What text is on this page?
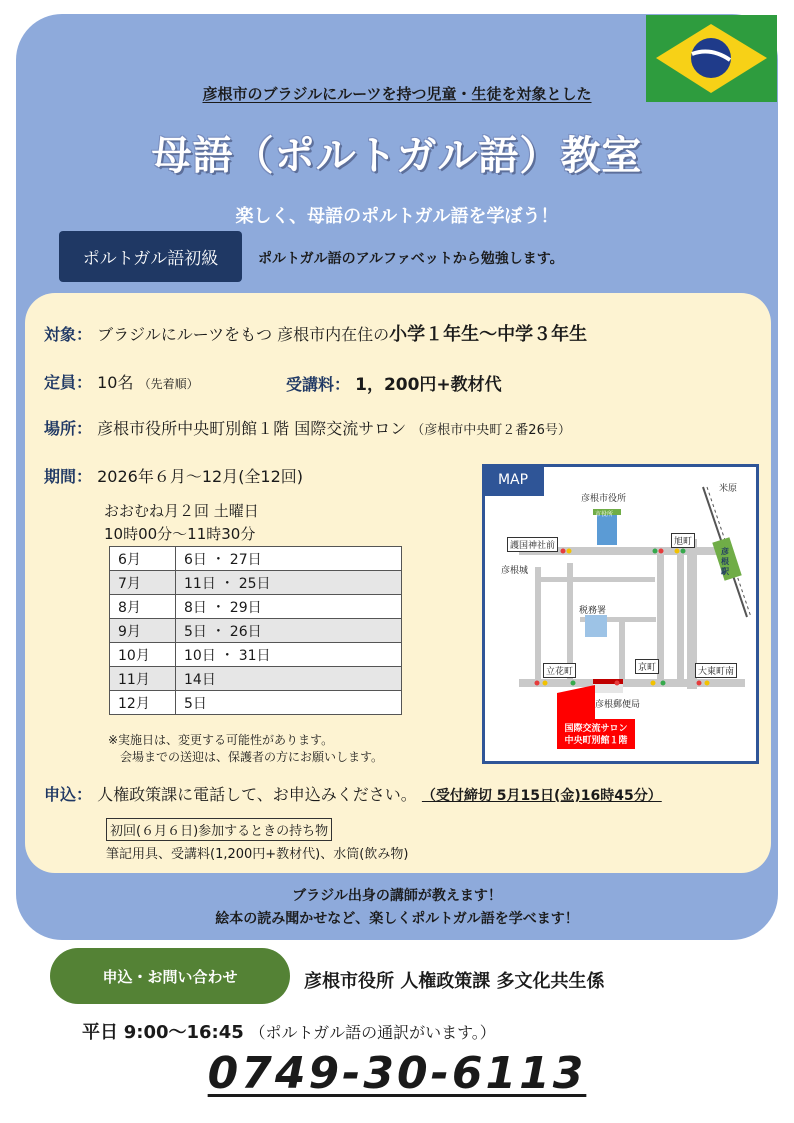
彦根市のブラジルにルーツを持つ児童・生徒を対象とした
母語（ポルトガル語）教室
楽しく、母語のポルトガル語を学ぼう！
ポルトガル語初級	ポルトガル語のアルファベットから勉強します。
対象： ブラジルにルーツをもつ 彦根市内在住の小学１年生～中学３年生
定員： 10名 （先着順）	受講料： 1，200円+教材代
場所： 彦根市役所中央町別館１階 国際交流サロン （彦根市中央町２番26号）
期間： 2026年６月～12月(全12回)
おおむね月２回 土曜日
10時00分～11時30分
6月	6日 ・ 27日
7月	11日 ・ 25日
8月	8日 ・ 29日
9月	5日 ・ 26日
10月	10日 ・ 31日
11月	14日
12月	5日
※実施日は、変更する可能性があります。
会場までの送迎は、保護者の方にお願いします。
彦根市役所
市役所
護国神社前
彦根城
旭町
米原
彦根駅
税務署
立花町	京町	大東町南
彦根郵便局
国際交流サロン
中央町別館１階
MAP
申込： 人権政策課に電話して、お申込みください。 （受付締切 5月15日(金)16時45分）
初回(６月６日)参加するときの持ち物
筆記用具、受講料(1,200円+教材代)、水筒(飲み物)
ブラジル出身の講師が教えます！
絵本の読み聞かせなど、楽しくポルトガル語を学べます！
申込・お問い合わせ	彦根市役所 人権政策課 多文化共生係
平日 9:00～16:45 （ポルトガル語の通訳がいます。）
0749-30-6113
